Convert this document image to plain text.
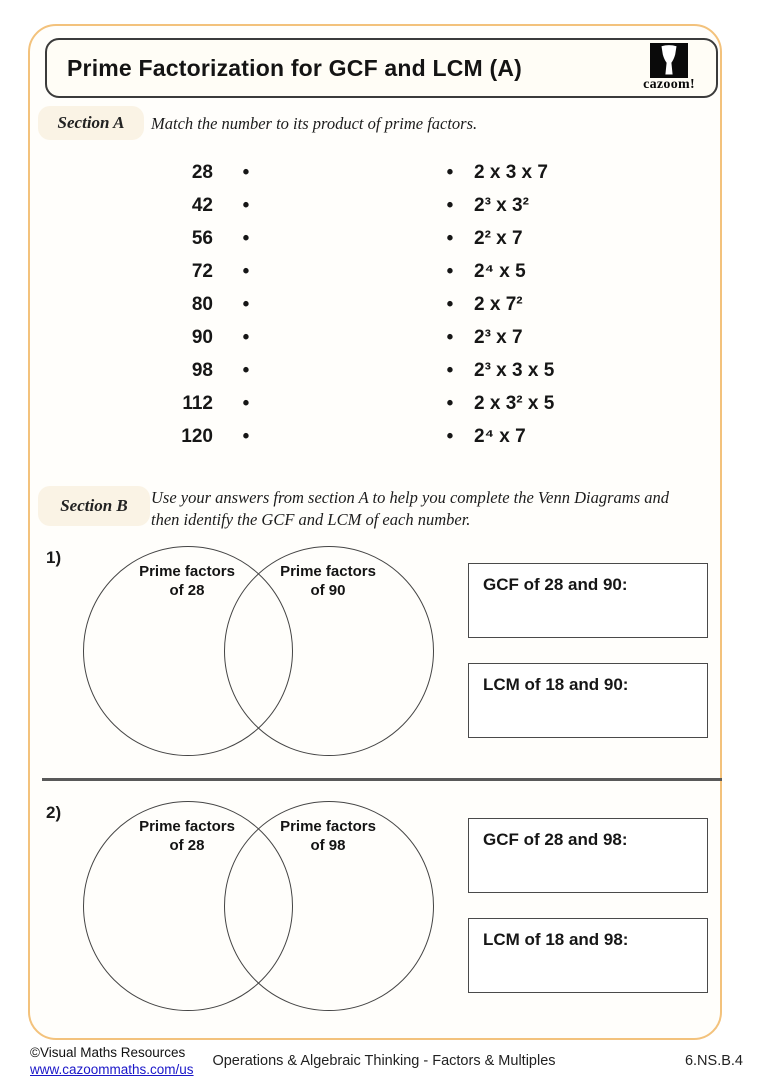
Prime Factorization for GCF and LCM (A)
cazoom!
Section A	Match the number to its product of prime factors.
28 •	• 2 x 3 x 7
42 •	• 2³ x 3²
56 •	• 2² x 7
72 •	• 2⁴ x 5
80 •	• 2 x 7²
90 •	• 2³ x 7
98 •	• 2³ x 3 x 5
112 •	• 2 x 3² x 5
120 •	• 2⁴ x 7
Section B	Use your answers from section A to help you complete the Venn Diagrams and
then identify the GCF and LCM of each number.
1)
Prime factors
of 28
Prime factors
of 90	GCF of 28 and 90:
LCM of 18 and 90:
2)
Prime factors
of 28
Prime factors
of 98	GCF of 28 and 98:
LCM of 18 and 98:
©Visual Maths Resources
www.cazoommaths.com/us
Operations & Algebraic Thinking - Factors & Multiples	6.NS.B.4
